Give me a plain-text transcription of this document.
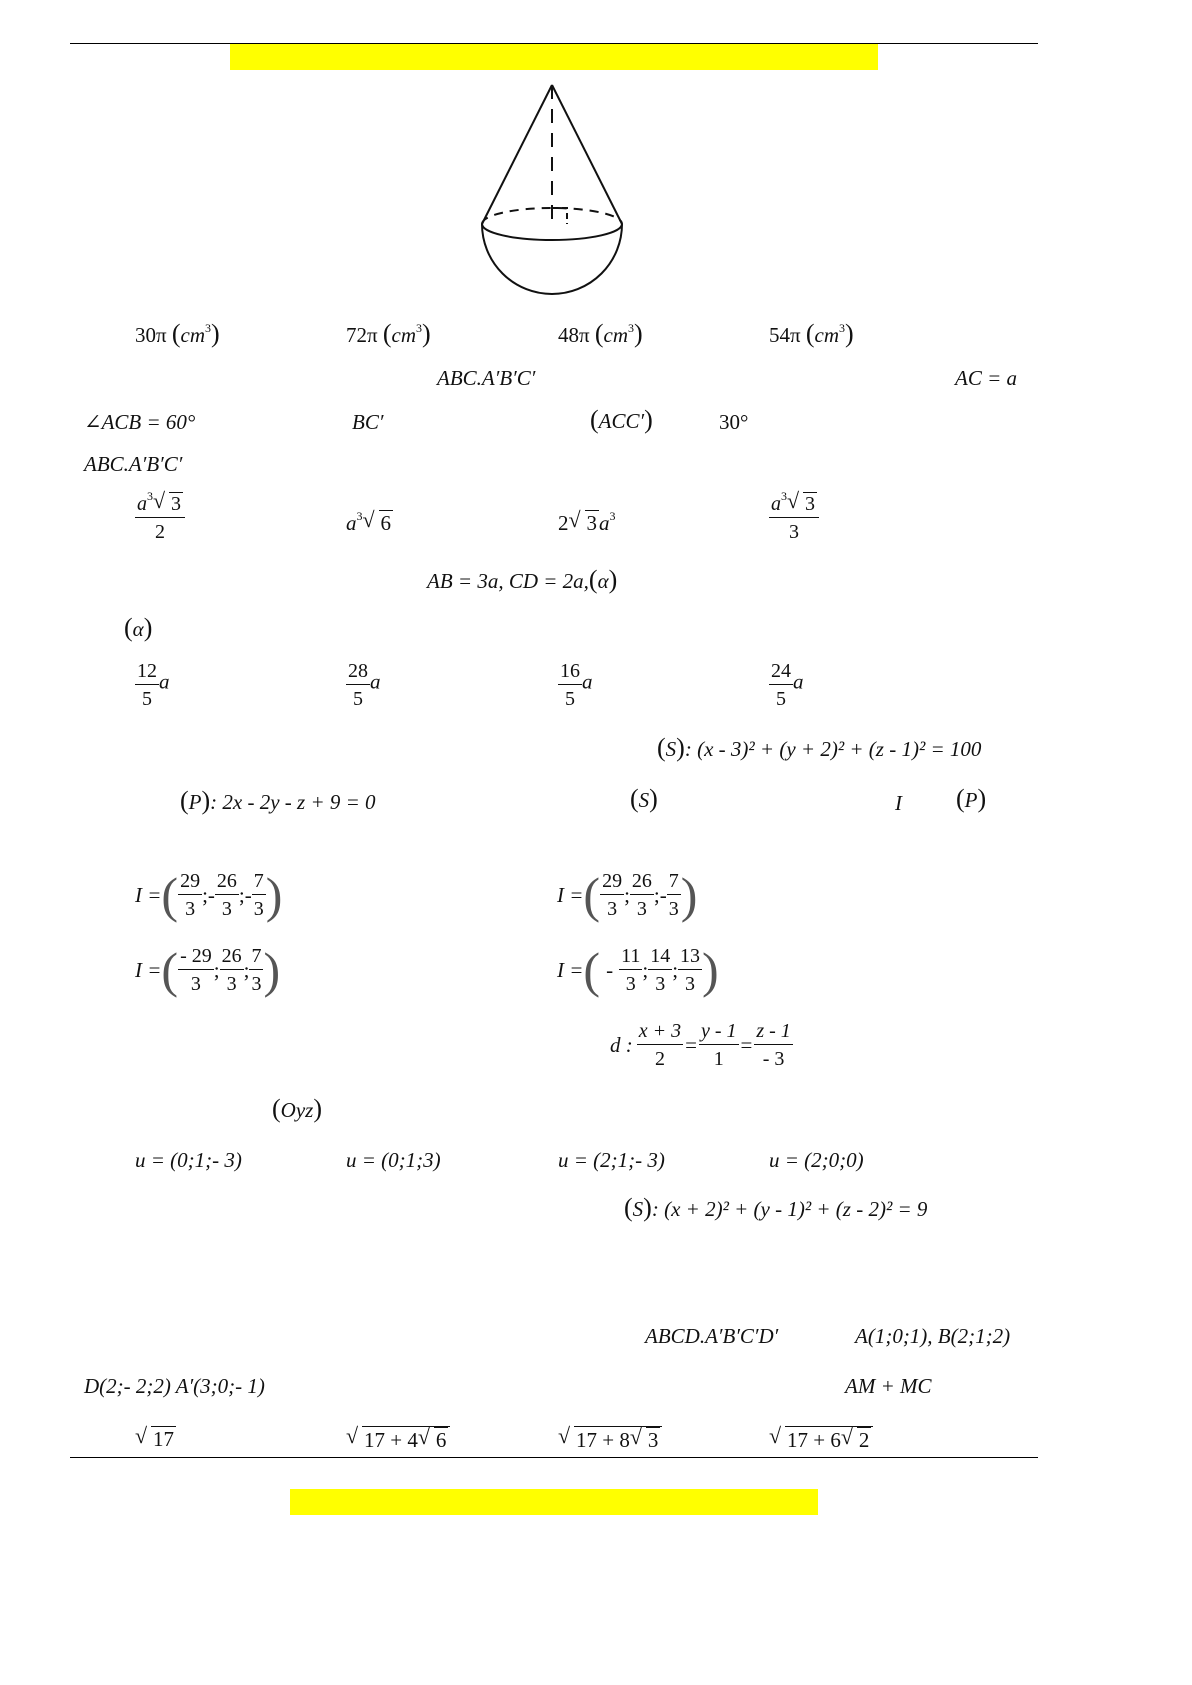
30π $(cm^3)$	72π $(cm^3)$	48π $(cm^3)$	54π $(cm^3)$
ABC.A′B′C′	AC = a
∠ACB = 60°	BC′	(ACC′)	30°
ABC.A′B′C′
$\frac{a^3√ 3}{2}$	$a^3√$ 6	2√ $3a^3$	$\frac{a^3√ 3}{3}$
AB = 3a, CD = 2a,(α)
(α)
$\frac{12}{5}$ a	$\frac{28}{5}$ a	$\frac{16}{5}$ a	$\frac{24}{5}$ a
(S): (x - 3)² + (y + 2)² + (z - 1)² = 100
(P): 2x - 2y - z + 9 = 0	(S)	I (P)
I = ( $\frac{29}{3}$ ;- $\frac{26}{3}$ ;- $\frac{7}{3}$ )	I = ( $\frac{29}{3}$ ; $\frac{26}{3}$ ;- $\frac{7}{3}$ )
I = ( $\frac{- 29}{3}$ ; $\frac{26}{3}$ ; $\frac{7}{3}$ )	I = ( - $\frac{11}{3}$ ; $\frac{14}{3}$ ; $\frac{13}{3}$ )
d :
$\frac{x + 3}{2} = \frac{y - 1}{1} = \frac{z - 1}{- 3}$
(Oyz)
u = (0;1;- 3)	u = (0;1;3)	u = (2;1;- 3)	u = (2;0;0)
(S): (x + 2)² + (y - 1)² + (z - 2)² = 9
ABCD.A′B′C′D′	A(1;0;1), B(2;1;2)
D(2;- 2;2) A′(3;0;- 1)	AM + MC
√ 17
√	17 + 4√ 6
√	17 + 8√ 3
√	17 + 6√ 2
